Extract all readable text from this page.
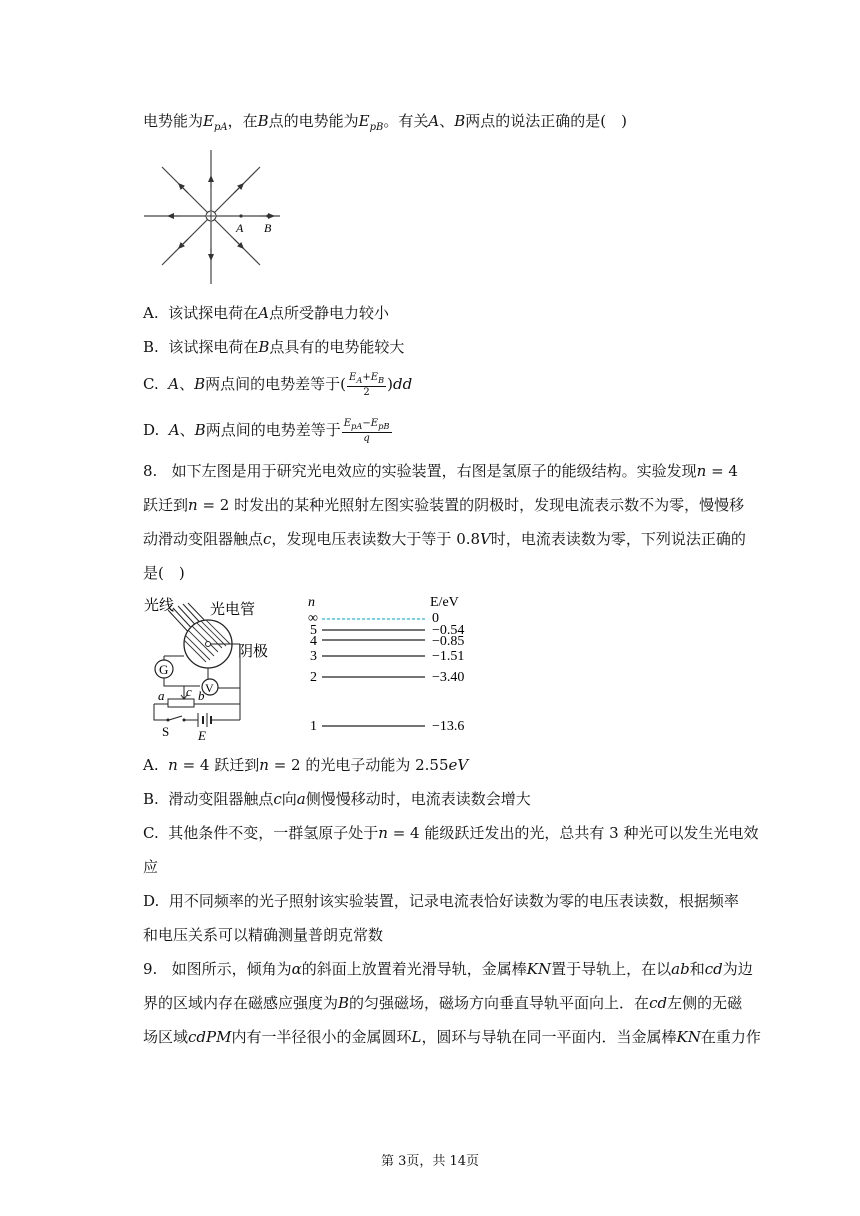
电势能为$E_{pA}$，在B点的电势能为$E_{pB}$。有关A、B两点的说法正确的是(　)
A B
A. 该试探电荷在A点所受静电力较小
B. 该试探电荷在B点具有的电势能较大
C. A、B两点间的电势差等于( $\frac{E_A+E_B}{2} )dd$
D. A、B两点间的电势差等于 $\frac{E_{pA}-E_{pB}}{q}$
8. 如下左图是用于研究光电效应的实验装置，右图是氢原子的能级结构。实验发现n = 4
跃迁到n = 2 时发出的某种光照射左图实验装置的阴极时，发现电流表示数不为零，慢慢移
动滑动变阻器触点c，发现电压表读数大于等于 0.8V时，电流表读数为零，下列说法正确的
是(　)
光线 光电管
阴极
G
V
a c b
S E
n	E/eV
∞	0
5	−0.54
4	−0.85
3	−1.51
2	−3.40
1	−13.6
A. n = 4 跃迁到n = 2 的光电子动能为 2.55eV
B. 滑动变阻器触点c向a侧慢慢移动时，电流表读数会增大
C. 其他条件不变，一群氢原子处于n = 4 能级跃迁发出的光，总共有 3 种光可以发生光电效
应
D. 用不同频率的光子照射该实验装置，记录电流表恰好读数为零的电压表读数，根据频率
和电压关系可以精确测量普朗克常数
9. 如图所示，倾角为α的斜面上放置着光滑导轨，金属棒KN置于导轨上，在以ab和cd为边
界的区域内存在磁感应强度为B的匀强磁场，磁场方向垂直导轨平面向上．在cd左侧的无磁
场区域cdPM内有一半径很小的金属圆环L，圆环与导轨在同一平面内．当金属棒KN在重力作
第 3页，共 14页
